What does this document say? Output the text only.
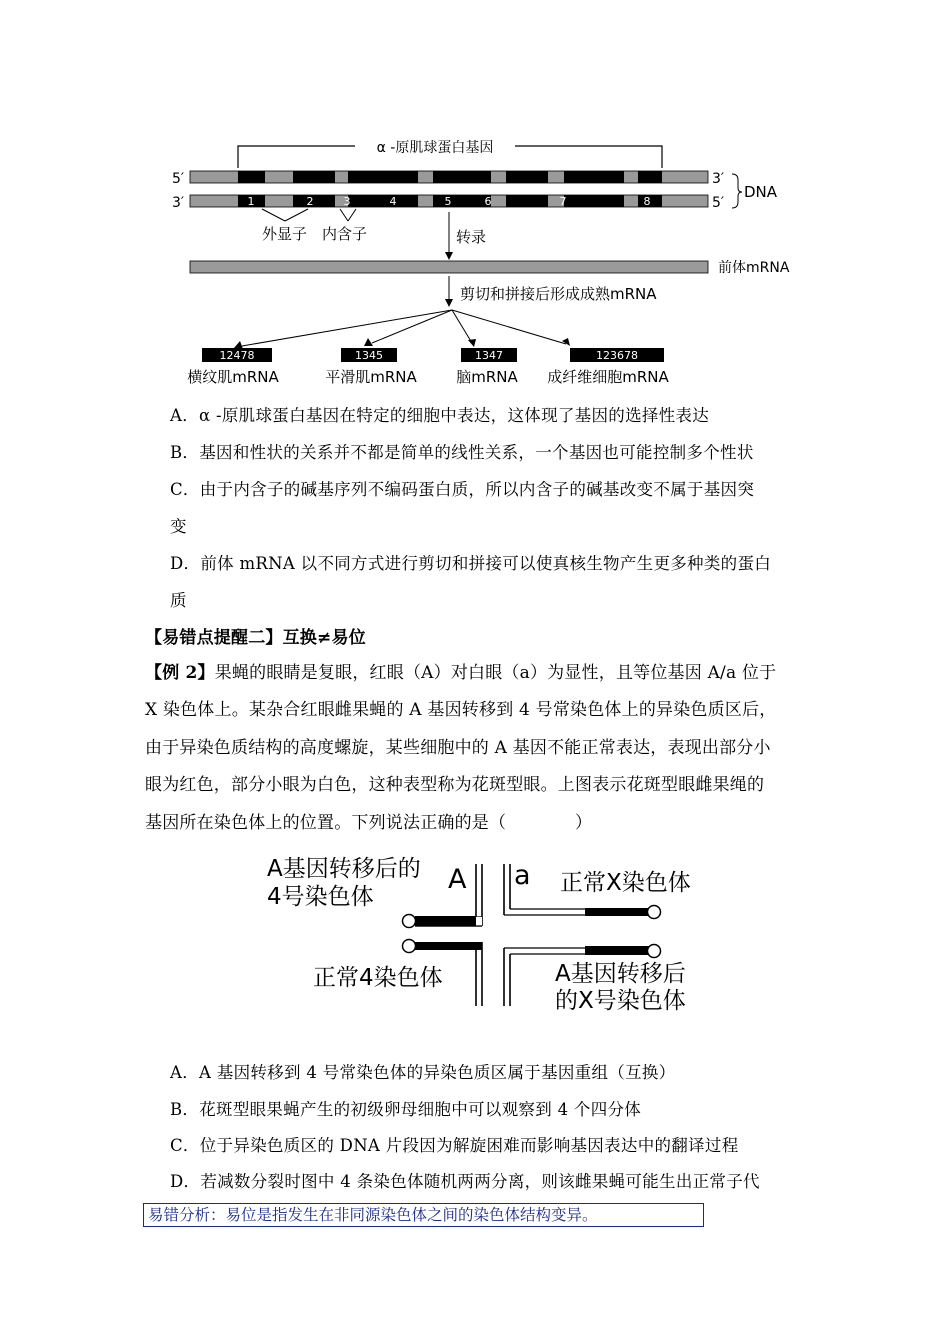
α -原肌球蛋白基因
5′	3′
3′	5′
1	2	3	4	5	6	7	8
DNA
外显子 内含子	转录
前体mRNA
剪切和拼接后形成成熟mRNA
12478	1345	1347	123678
横纹肌mRNA	平滑肌mRNA	脑mRNA 成纤维细胞mRNA
A．α -原肌球蛋白基因在特定的细胞中表达，这体现了基因的选择性表达
B．基因和性状的关系并不都是简单的线性关系，一个基因也可能控制多个性状
C．由于内含子的碱基序列不编码蛋白质，所以内含子的碱基改变不属于基因突
变
D．前体 mRNA 以不同方式进行剪切和拼接可以使真核生物产生更多种类的蛋白
质
【易错点提醒二】互换≠易位
【例 2】果蝇的眼睛是复眼，红眼（A）对白眼（a）为显性，且等位基因 A/a 位于
X 染色体上。某杂合红眼雌果蝇的 A 基因转移到 4 号常染色体上的异染色质区后，
由于异染色质结构的高度螺旋，某些细胞中的 A 基因不能正常表达，表现出部分小
眼为红色，部分小眼为白色，这种表型称为花斑型眼。上图表示花斑型眼雌果绳的
基因所在染色体上的位置。下列说法正确的是（　　　　）
A基因转移后的
4号染色体
A a 正常X染色体
正常4染色体	A基因转移后
的X号染色体
A．A 基因转移到 4 号常染色体的异染色质区属于基因重组（互换）
B．花斑型眼果蝇产生的初级卵母细胞中可以观察到 4 个四分体
C．位于异染色质区的 DNA 片段因为解旋困难而影响基因表达中的翻译过程
D．若减数分裂时图中 4 条染色体随机两两分离，则该雌果蝇可能生出正常子代
易错分析：易位是指发生在非同源染色体之间的染色体结构变异。
